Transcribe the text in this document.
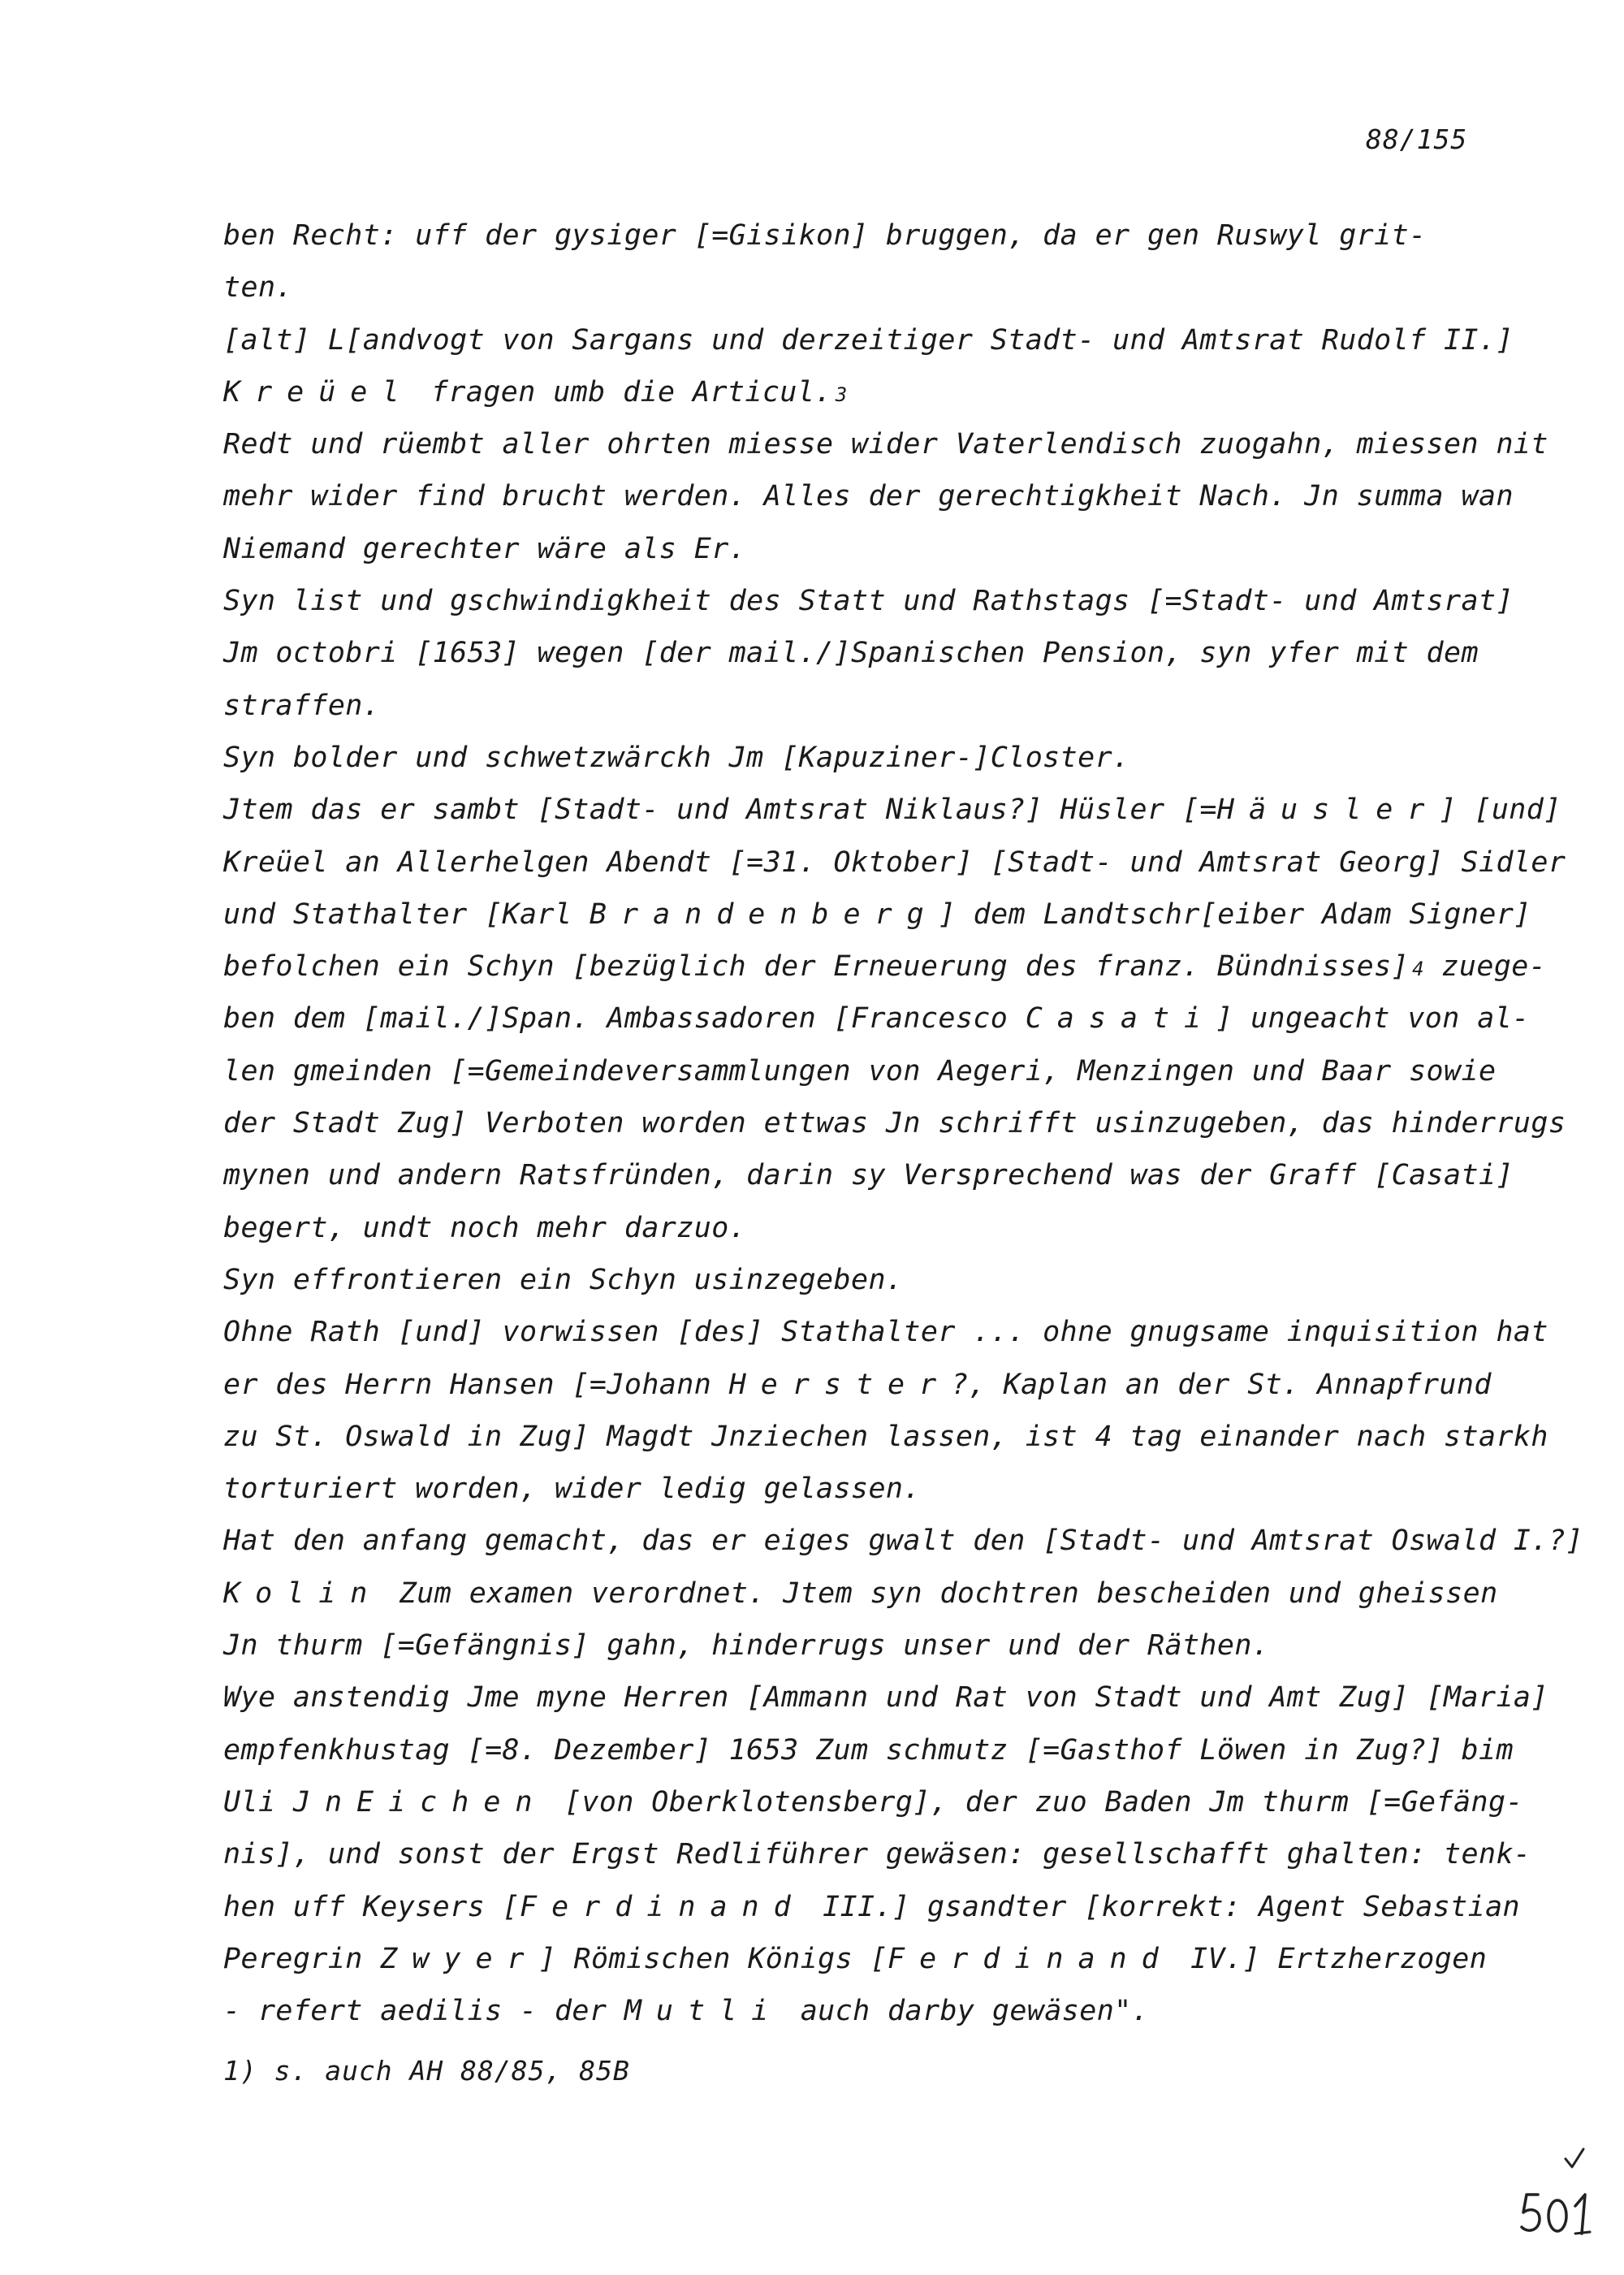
88/155
ben Recht: uff der gysiger [=Gisikon] bruggen, da er gen Ruswyl grit-
ten.
[alt] L[andvogt von Sargans und derzeitiger Stadt- und Amtsrat Rudolf II.]
Kreüel fragen umb die Articul. $^3$
Redt und rüembt aller ohrten miesse wider Vaterlendisch zuogahn, miessen nit
mehr wider find brucht werden. Alles der gerechtigkheit Nach. Jn summa wan
Niemand gerechter wäre als Er.
Syn list und gschwindigkheit des Statt und Rathstags [=Stadt- und Amtsrat]
Jm octobri [1653] wegen [der mail./]Spanischen Pension, syn yfer mit dem
straffen.
Syn bolder und schwetzwärckh Jm [Kapuziner-]Closter.
Jtem das er sambt [Stadt- und Amtsrat Niklaus?] Hüsler [=Häusler] [und]
Kreüel an Allerhelgen Abendt [=31. Oktober] [Stadt- und Amtsrat Georg] Sidler
und Stathalter [Karl Brandenberg] dem Landtschr[eiber Adam Signer]
befolchen ein Schyn [bezüglich der Erneuerung des franz. Bündnisses] $^4$ zuege-
ben dem [mail./]Span. Ambassadoren [Francesco Casati] ungeacht von al-
len gmeinden [=Gemeindeversammlungen von Aegeri, Menzingen und Baar sowie
der Stadt Zug] Verboten worden ettwas Jn schrifft usinzugeben, das hinderrugs
mynen und andern Ratsfründen, darin sy Versprechend was der Graff [Casati]
begert, undt noch mehr darzuo.
Syn effrontieren ein Schyn usinzegeben.
Ohne Rath [und] vorwissen [des] Stathalter ... ohne gnugsame inquisition hat
er des Herrn Hansen [=Johann Herster?, Kaplan an der St. Annapfrund
zu St. Oswald in Zug] Magdt Jnziechen lassen, ist 4 tag einander nach starkh
torturiert worden, wider ledig gelassen.
Hat den anfang gemacht, das er eiges gwalt den [Stadt- und Amtsrat Oswald I.?]
Kolin Zum examen verordnet. Jtem syn dochtren bescheiden und gheissen
Jn thurm [=Gefängnis] gahn, hinderrugs unser und der Räthen.
Wye anstendig Jme myne Herren [Ammann und Rat von Stadt und Amt Zug] [Maria]
empfenkhustag [=8. Dezember] 1653 Zum schmutz [=Gasthof Löwen in Zug?] bim
Uli JnEichen [von Oberklotensberg], der zuo Baden Jm thurm [=Gefäng-
nis], und sonst der Ergst Redliführer gewäsen: gesellschafft ghalten: tenk-
hen uff Keysers [Ferdinand III.] gsandter [korrekt: Agent Sebastian
Peregrin Zwyer] Römischen Königs [Ferdinand IV.] Ertzherzogen
- refert aedilis - der Mutli auch darby gewäsen".
1) s. auch AH 88/85, 85B
